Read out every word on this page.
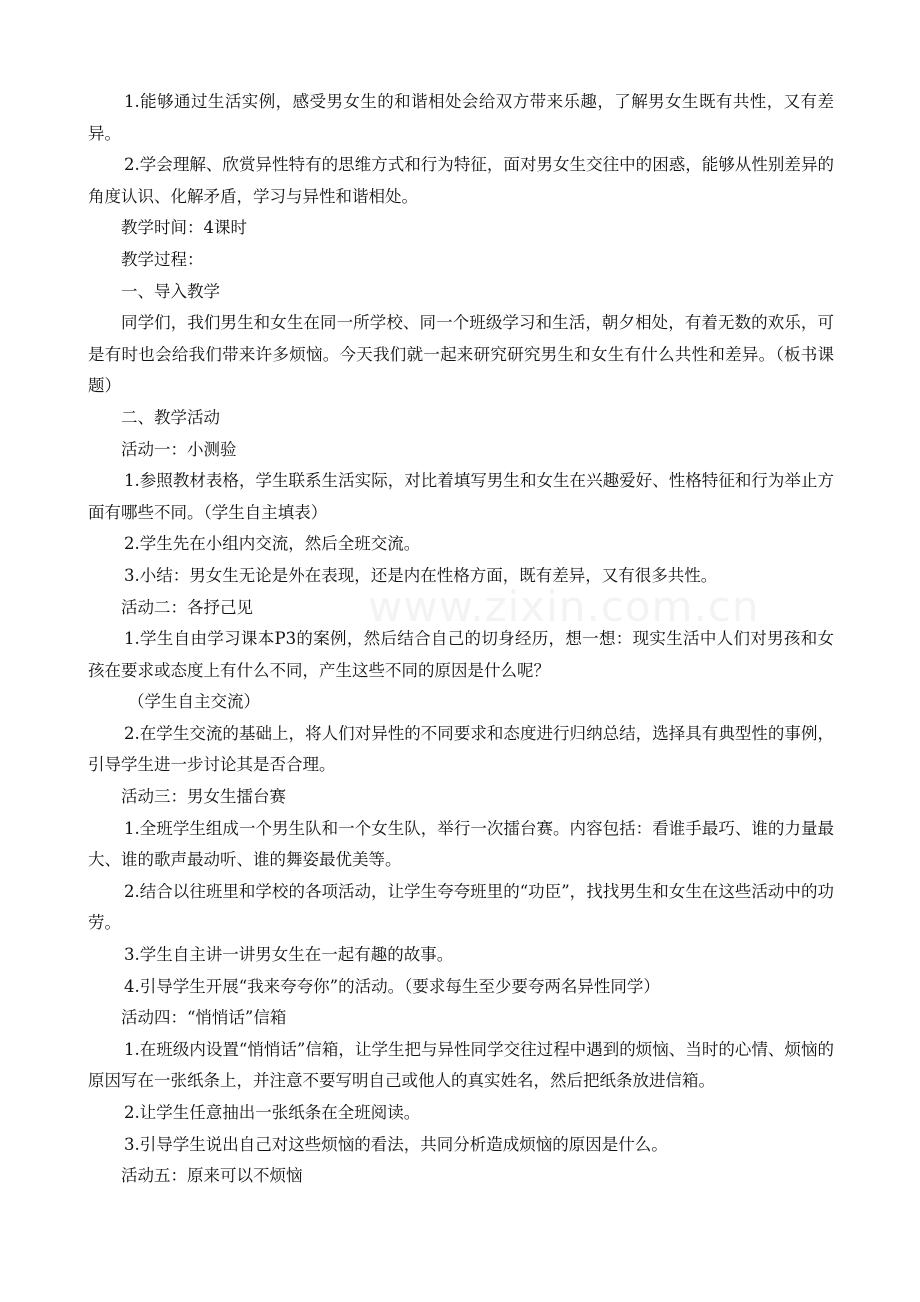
1.能够通过生活实例，感受男女生的和谐相处会给双方带来乐趣，了解男女生既有共性，又有差异。

2.学会理解、欣赏异性特有的思维方式和行为特征，面对男女生交往中的困惑，能够从性别差异的角度认识、化解矛盾，学习与异性和谐相处。

教学时间：4课时

教学过程：

一、导入教学

同学们，我们男生和女生在同一所学校、同一个班级学习和生活，朝夕相处，有着无数的欢乐，可是有时也会给我们带来许多烦恼。今天我们就一起来研究研究男生和女生有什么共性和差异。（板书课题）

二、教学活动

活动一：小测验

1.参照教材表格，学生联系生活实际，对比着填写男生和女生在兴趣爱好、性格特征和行为举止方面有哪些不同。（学生自主填表）

2.学生先在小组内交流，然后全班交流。

3.小结：男女生无论是外在表现，还是内在性格方面，既有差异，又有很多共性。

活动二：各抒己见

1.学生自由学习课本P3的案例，然后结合自己的切身经历，想一想：现实生活中人们对男孩和女孩在要求或态度上有什么不同，产生这些不同的原因是什么呢？

（学生自主交流）

2.在学生交流的基础上，将人们对异性的不同要求和态度进行归纳总结，选择具有典型性的事例，引导学生进一步讨论其是否合理。

活动三：男女生擂台赛

1.全班学生组成一个男生队和一个女生队，举行一次擂台赛。内容包括：看谁手最巧、谁的力量最大、谁的歌声最动听、谁的舞姿最优美等。

2.结合以往班里和学校的各项活动，让学生夸夸班里的“功臣”，找找男生和女生在这些活动中的功劳。

3.学生自主讲一讲男女生在一起有趣的故事。

4.引导学生开展“我来夸夸你”的活动。（要求每生至少要夸两名异性同学）

活动四：“悄悄话”信箱

1.在班级内设置“悄悄话”信箱，让学生把与异性同学交往过程中遇到的烦恼、当时的心情、烦恼的原因写在一张纸条上，并注意不要写明自己或他人的真实姓名，然后把纸条放进信箱。

2.让学生任意抽出一张纸条在全班阅读。

3.引导学生说出自己对这些烦恼的看法，共同分析造成烦恼的原因是什么。

活动五：原来可以不烦恼

www.zixin.com.cn
